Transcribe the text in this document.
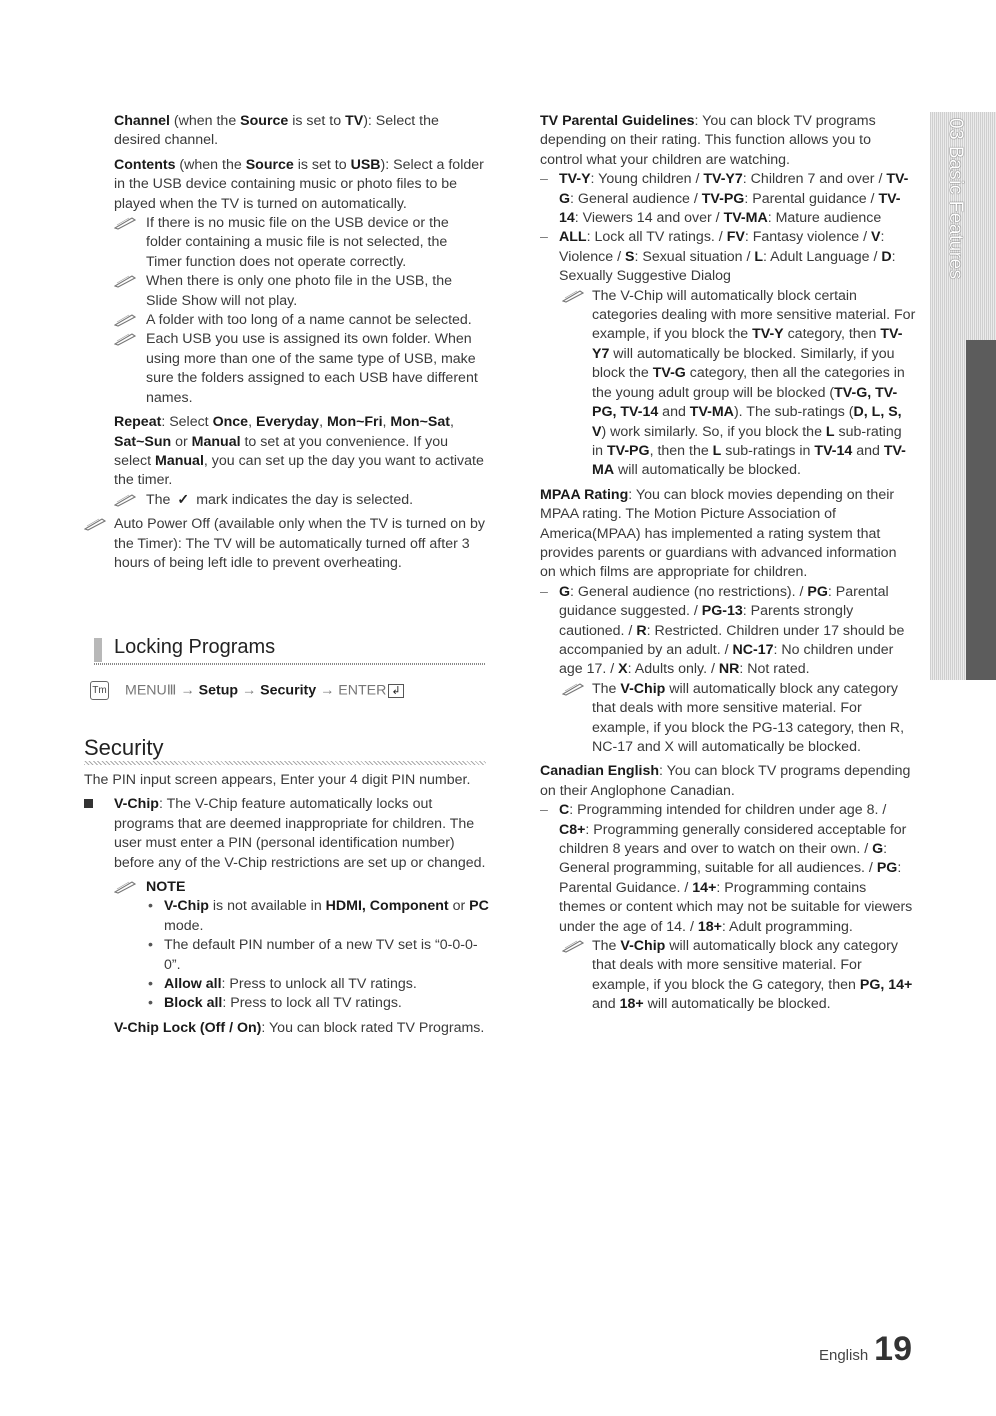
Channel (when the Source is set to TV): Select the desired channel.

Contents (when the Source is set to USB): Select a folder in the USB device containing music or photo files to be played when the TV is turned on automatically.

If there is no music file on the USB device or the folder containing a music file is not selected, the Timer function does not operate correctly.
When there is only one photo file in the USB, the Slide Show will not play.
A folder with too long of a name cannot be selected.
Each USB you use is assigned its own folder. When using more than one of the same type of USB, make sure the folders assigned to each USB have different names.

Repeat: Select Once, Everyday, Mon~Fri, Mon~Sat, Sat~Sun or Manual to set at you convenience. If you select Manual, you can set up the day you want to activate the timer.

The ✓ mark indicates the day is selected.
Auto Power Off (available only when the TV is turned on by the Timer): The TV will be automatically turned off after 3 hours of being left idle to prevent overheating.
Locking Programs
Tm MENUⅢ → Setup → Security → ENTER ↲
Security

The PIN input screen appears, Enter your 4 digit PIN number.

V-Chip: The V-Chip feature automatically locks out programs that are deemed inappropriate for children. The user must enter a PIN (personal identification number) before any of the V-Chip restrictions are set up or changed.
NOTE
• V-Chip is not available in HDMI, Component or PC mode.
• The default PIN number of a new TV set is “0-0-0-0”.
• Allow all: Press to unlock all TV ratings.
• Block all: Press to lock all TV ratings.

V-Chip Lock (Off / On): You can block rated TV Programs.

TV Parental Guidelines: You can block TV programs depending on their rating. This function allows you to control what your children are watching.

– TV-Y: Young children / TV-Y7: Children 7 and over / TV-G: General audience / TV-PG: Parental guidance / TV-14: Viewers 14 and over / TV-MA: Mature audience
– ALL: Lock all TV ratings. / FV: Fantasy violence / V: Violence / S: Sexual situation / L: Adult Language / D: Sexually Suggestive Dialog
The V-Chip will automatically block certain categories dealing with more sensitive material. For example, if you block the TV-Y category, then TV-Y7 will automatically be blocked. Similarly, if you block the TV-G category, then all the categories in the young adult group will be blocked (TV-G, TV-PG, TV-14 and TV-MA). The sub-ratings (D, L, S, V) work similarly. So, if you block the L sub-rating in TV-PG, then the L sub-ratings in TV-14 and TV-MA will automatically be blocked.

MPAA Rating: You can block movies depending on their MPAA rating. The Motion Picture Association of America(MPAA) has implemented a rating system that provides parents or guardians with advanced information on which films are appropriate for children.

– G: General audience (no restrictions). / PG: Parental guidance suggested. / PG-13: Parents strongly cautioned. / R: Restricted. Children under 17 should be accompanied by an adult. / NC-17: No children under age 17. / X: Adults only. / NR: Not rated.
The V-Chip will automatically block any category that deals with more sensitive material. For example, if you block the PG-13 category, then R, NC-17 and X will automatically be blocked.

Canadian English: You can block TV programs depending on their Anglophone Canadian.

– C: Programming intended for children under age 8. / C8+: Programming generally considered acceptable for children 8 years and over to watch on their own. / G: General programming, suitable for all audiences. / PG: Parental Guidance. / 14+: Programming contains themes or content which may not be suitable for viewers under the age of 14. / 18+: Adult programming.
The V-Chip will automatically block any category that deals with more sensitive material. For example, if you block the G category, then PG, 14+ and 18+ will automatically be blocked.
03 Basic Features
English 19
